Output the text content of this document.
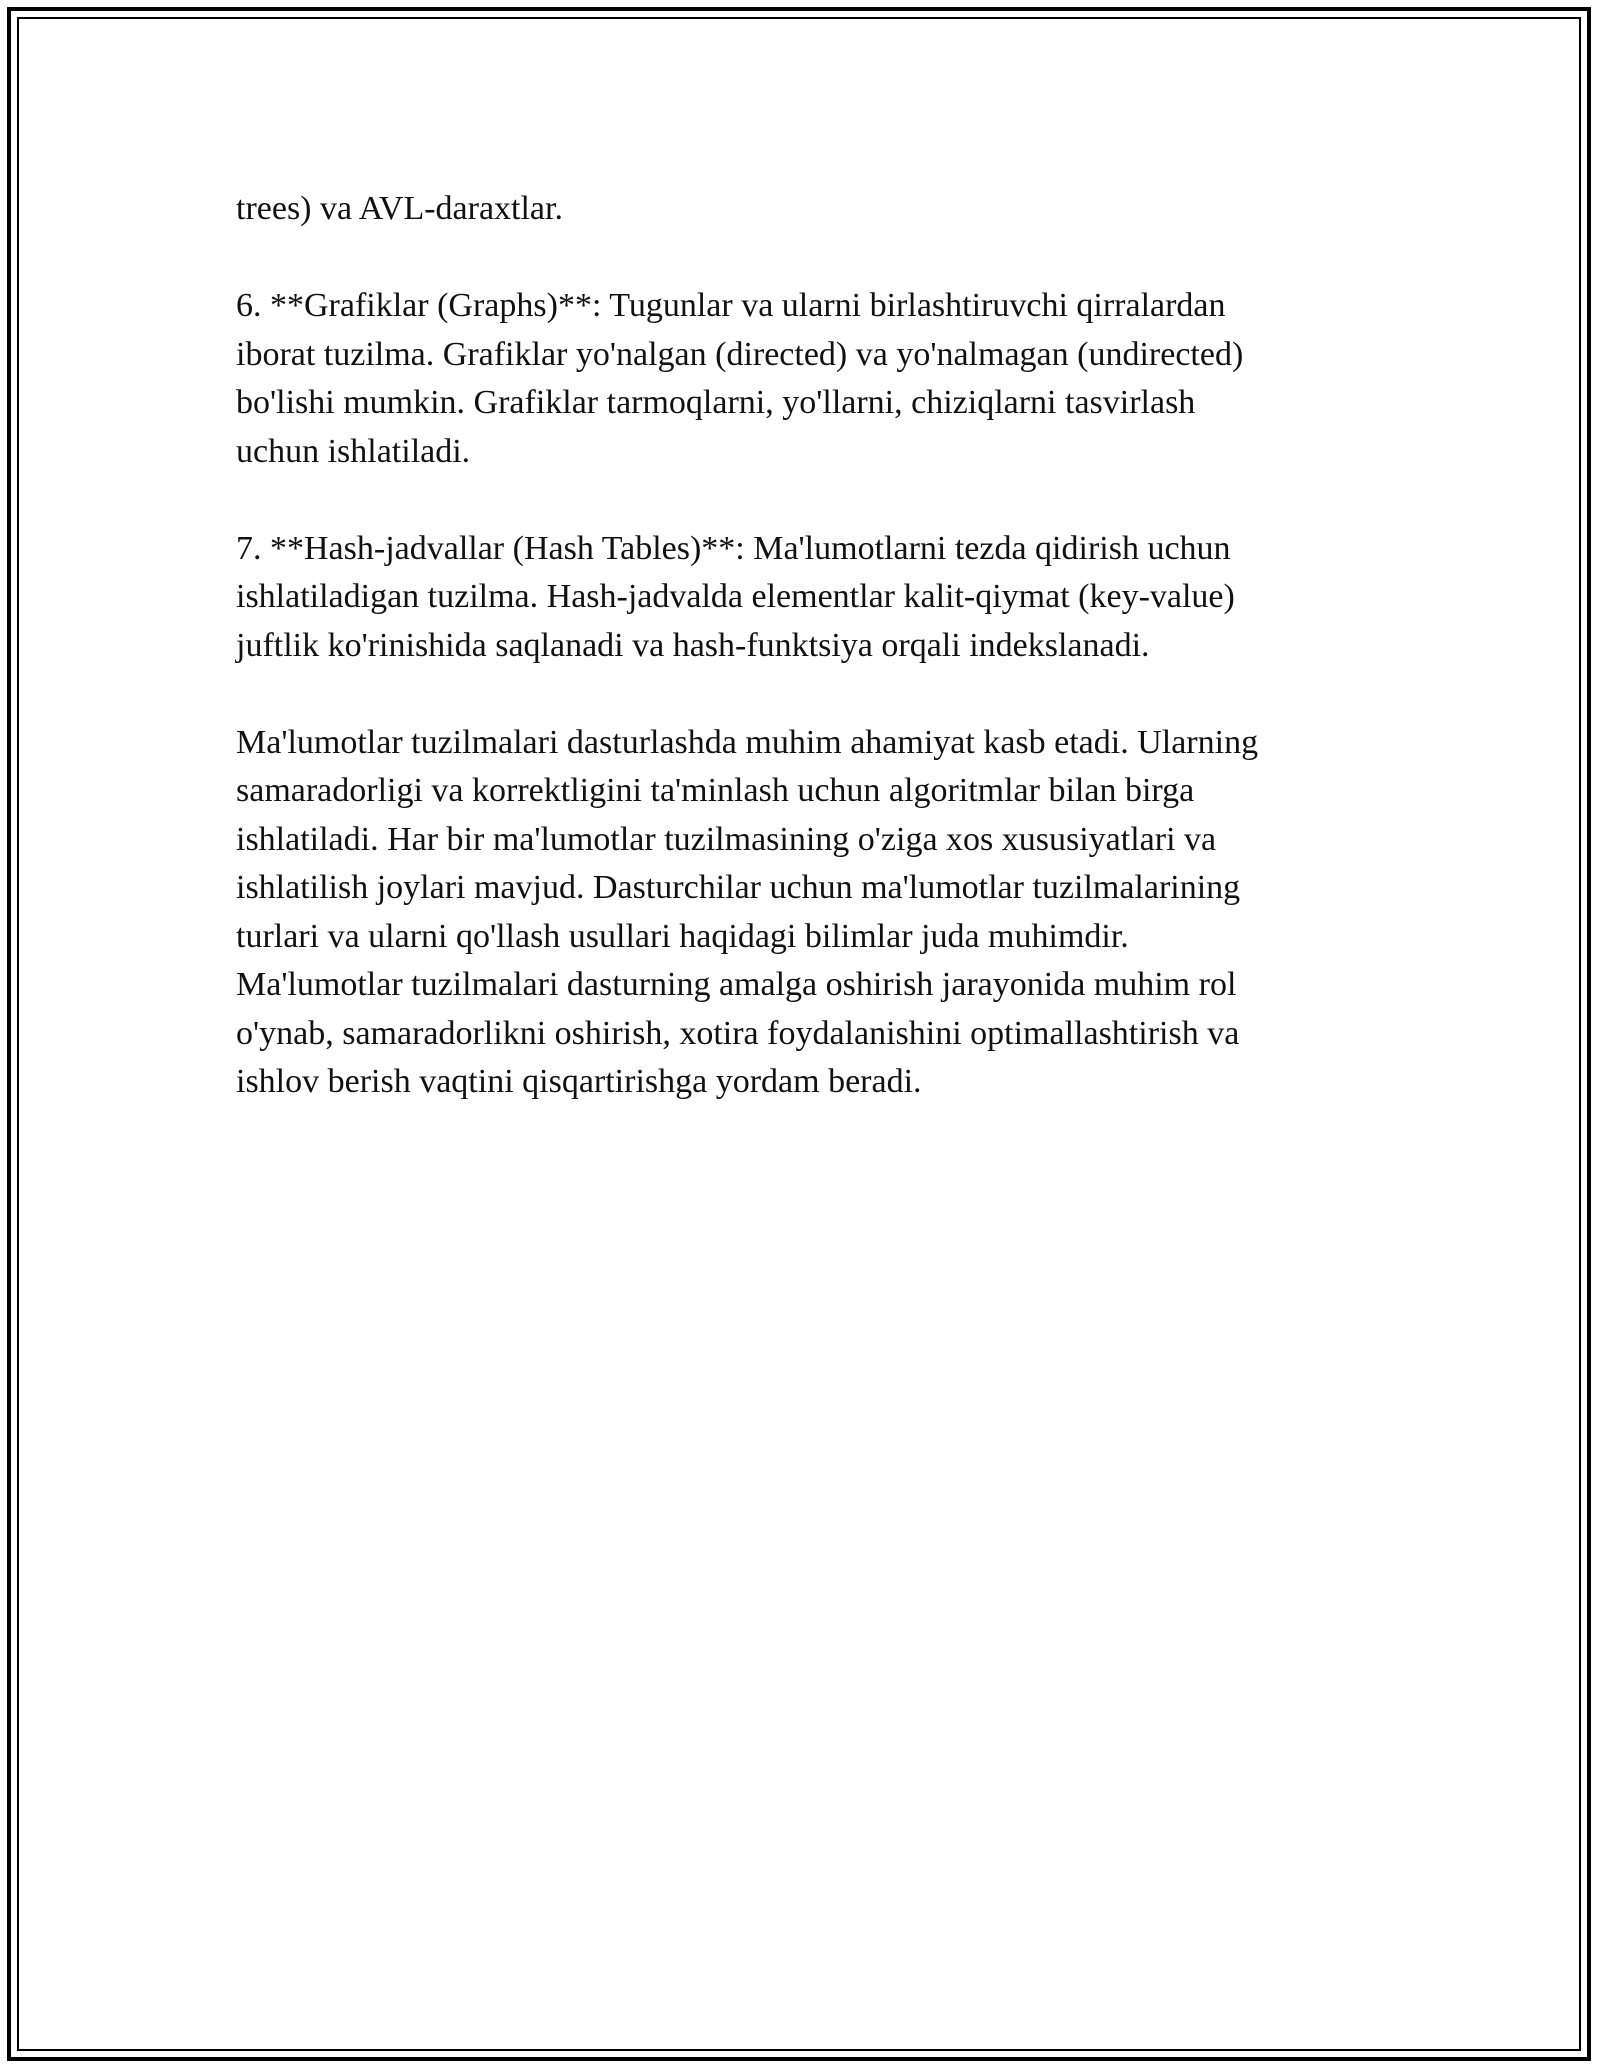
trees) va AVL-daraxtlar.

6. **Grafiklar (Graphs)**: Tugunlar va ularni birlashtiruvchi qirralardan
iborat tuzilma. Grafiklar yo'nalgan (directed) va yo'nalmagan (undirected)
bo'lishi mumkin. Grafiklar tarmoqlarni, yo'llarni, chiziqlarni tasvirlash
uchun ishlatiladi.

7. **Hash-jadvallar (Hash Tables)**: Ma'lumotlarni tezda qidirish uchun
ishlatiladigan tuzilma. Hash-jadvalda elementlar kalit-qiymat (key-value)
juftlik ko'rinishida saqlanadi va hash-funktsiya orqali indekslanadi.

Ma'lumotlar tuzilmalari dasturlashda muhim ahamiyat kasb etadi. Ularning
samaradorligi va korrektligini ta'minlash uchun algoritmlar bilan birga
ishlatiladi. Har bir ma'lumotlar tuzilmasining o'ziga xos xususiyatlari va
ishlatilish joylari mavjud. Dasturchilar uchun ma'lumotlar tuzilmalarining
turlari va ularni qo'llash usullari haqidagi bilimlar juda muhimdir.
Ma'lumotlar tuzilmalari dasturning amalga oshirish jarayonida muhim rol
o'ynab, samaradorlikni oshirish, xotira foydalanishini optimallashtirish va
ishlov berish vaqtini qisqartirishga yordam beradi.
